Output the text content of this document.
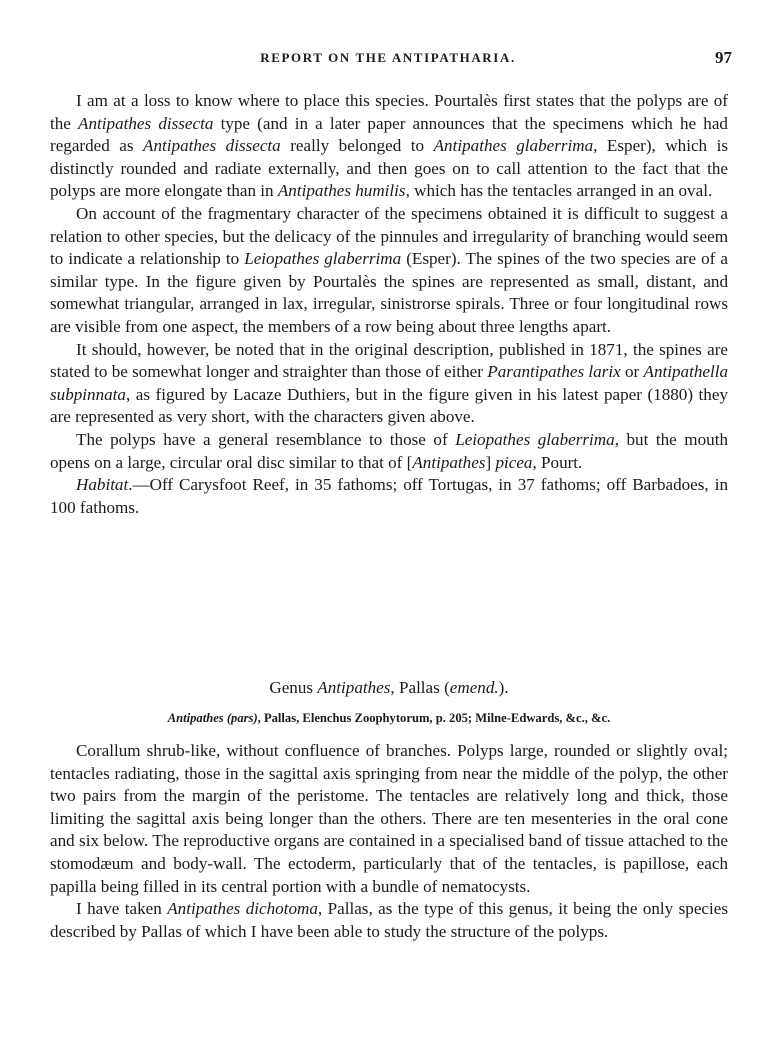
REPORT ON THE ANTIPATHARIA.	97

I am at a loss to know where to place this species. Pourtalès first states that the polyps are of the Antipathes dissecta type (and in a later paper announces that the specimens which he had regarded as Antipathes dissecta really belonged to Antipathes glaberrima, Esper), which is distinctly rounded and radiate externally, and then goes on to call attention to the fact that the polyps are more elongate than in Antipathes humilis, which has the tentacles arranged in an oval.

On account of the fragmentary character of the specimens obtained it is difficult to suggest a relation to other species, but the delicacy of the pinnules and irregularity of branching would seem to indicate a relationship to Leiopathes glaberrima (Esper). The spines of the two species are of a similar type. In the figure given by Pourtalès the spines are represented as small, distant, and somewhat triangular, arranged in lax, irregular, sinistrorse spirals. Three or four longitudinal rows are visible from one aspect, the members of a row being about three lengths apart.

It should, however, be noted that in the original description, published in 1871, the spines are stated to be somewhat longer and straighter than those of either Parantipathes larix or Antipathella subpinnata, as figured by Lacaze Duthiers, but in the figure given in his latest paper (1880) they are represented as very short, with the characters given above.

The polyps have a general resemblance to those of Leiopathes glaberrima, but the mouth opens on a large, circular oral disc similar to that of [Antipathes] picea, Pourt.

Habitat.—Off Carysfoot Reef, in 35 fathoms; off Tortugas, in 37 fathoms; off Barbadoes, in 100 fathoms.

Genus Antipathes, Pallas (emend.).
Antipathes (pars), Pallas, Elenchus Zoophytorum, p. 205; Milne-Edwards, &c., &c.

Corallum shrub-like, without confluence of branches. Polyps large, rounded or slightly oval; tentacles radiating, those in the sagittal axis springing from near the middle of the polyp, the other two pairs from the margin of the peristome. The tentacles are relatively long and thick, those limiting the sagittal axis being longer than the others. There are ten mesenteries in the oral cone and six below. The reproductive organs are contained in a specialised band of tissue attached to the stomodæum and body-wall. The ectoderm, particularly that of the tentacles, is papillose, each papilla being filled in its central portion with a bundle of nematocysts.

I have taken Antipathes dichotoma, Pallas, as the type of this genus, it being the only species described by Pallas of which I have been able to study the structure of the polyps.
